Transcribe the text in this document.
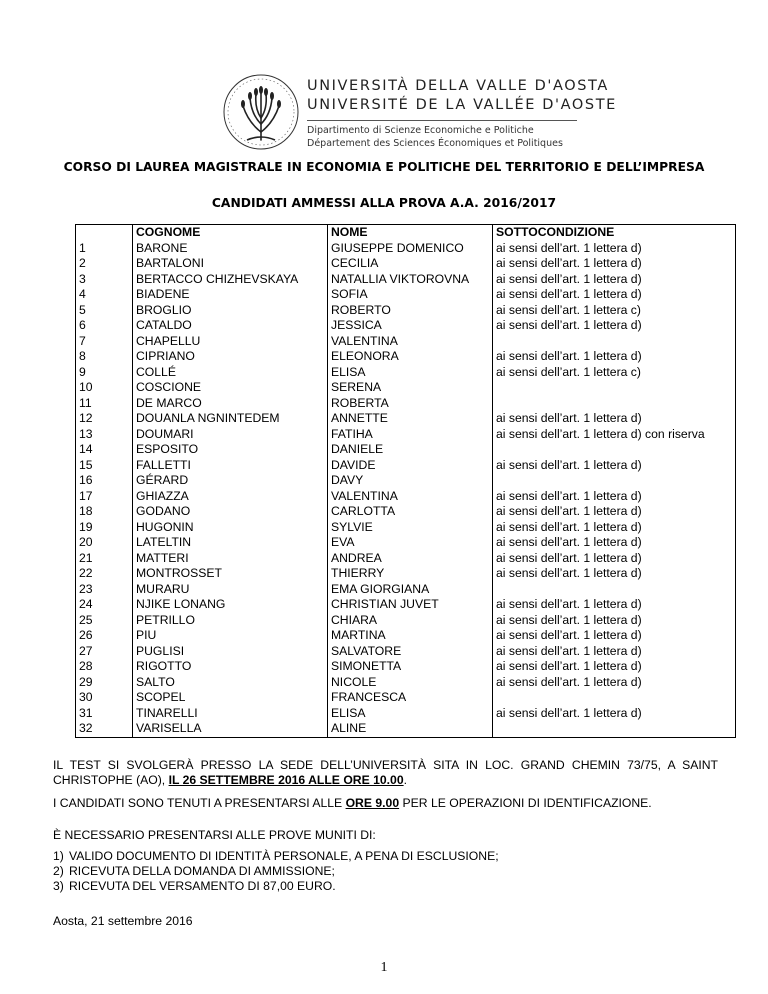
UNIVERSITÀ DELLA VALLE D'AOSTA
UNIVERSITÉ DE LA VALLÉE D'AOSTE
Dipartimento di Scienze Economiche e Politiche
Département des Sciences Économiques et Politiques
CORSO DI LAUREA MAGISTRALE IN ECONOMIA E POLITICHE DEL TERRITORIO E DELL’IMPRESA
CANDIDATI AMMESSI ALLA PROVA A.A. 2016/2017
	COGNOME	NOME	SOTTOCONDIZIONE
1	BARONE	GIUSEPPE DOMENICO	ai sensi dell’art. 1 lettera d)
2	BARTALONI	CECILIA	ai sensi dell’art. 1 lettera d)
3	BERTACCO CHIZHEVSKAYA	NATALLIA VIKTOROVNA	ai sensi dell’art. 1 lettera d)
4	BIADENE	SOFIA	ai sensi dell’art. 1 lettera d)
5	BROGLIO	ROBERTO	ai sensi dell’art. 1 lettera c)
6	CATALDO	JESSICA	ai sensi dell’art. 1 lettera d)
7	CHAPELLU	VALENTINA	
8	CIPRIANO	ELEONORA	ai sensi dell’art. 1 lettera d)
9	COLLÉ	ELISA	ai sensi dell’art. 1 lettera c)
10	COSCIONE	SERENA	
11	DE MARCO	ROBERTA	
12	DOUANLA NGNINTEDEM	ANNETTE	ai sensi dell’art. 1 lettera d)
13	DOUMARI	FATIHA	ai sensi dell’art. 1 lettera d) con riserva
14	ESPOSITO	DANIELE	
15	FALLETTI	DAVIDE	ai sensi dell’art. 1 lettera d)
16	GÉRARD	DAVY	
17	GHIAZZA	VALENTINA	ai sensi dell’art. 1 lettera d)
18	GODANO	CARLOTTA	ai sensi dell’art. 1 lettera d)
19	HUGONIN	SYLVIE	ai sensi dell’art. 1 lettera d)
20	LATELTIN	EVA	ai sensi dell’art. 1 lettera d)
21	MATTERI	ANDREA	ai sensi dell’art. 1 lettera d)
22	MONTROSSET	THIERRY	ai sensi dell’art. 1 lettera d)
23	MURARU	EMA GIORGIANA	
24	NJIKE LONANG	CHRISTIAN JUVET	ai sensi dell’art. 1 lettera d)
25	PETRILLO	CHIARA	ai sensi dell’art. 1 lettera d)
26	PIU	MARTINA	ai sensi dell’art. 1 lettera d)
27	PUGLISI	SALVATORE	ai sensi dell’art. 1 lettera d)
28	RIGOTTO	SIMONETTA	ai sensi dell’art. 1 lettera d)
29	SALTO	NICOLE	ai sensi dell’art. 1 lettera d)
30	SCOPEL	FRANCESCA	
31	TINARELLI	ELISA	ai sensi dell’art. 1 lettera d)
32	VARISELLA	ALINE	

IL TEST SI SVOLGERÀ PRESSO LA SEDE DELL’UNIVERSITÀ SITA IN LOC. GRAND CHEMIN 73/75, A SAINT CHRISTOPHE (AO), IL 26 SETTEMBRE 2016 ALLE ORE 10.00.

I CANDIDATI SONO TENUTI A PRESENTARSI ALLE ORE 9.00 PER LE OPERAZIONI DI IDENTIFICAZIONE.

È NECESSARIO PRESENTARSI ALLE PROVE MUNITI DI:

1) VALIDO DOCUMENTO DI IDENTITÀ PERSONALE, A PENA DI ESCLUSIONE;
2) RICEVUTA DELLA DOMANDA DI AMMISSIONE;
3) RICEVUTA DEL VERSAMENTO DI 87,00 EURO.

Aosta, 21 settembre 2016

1
